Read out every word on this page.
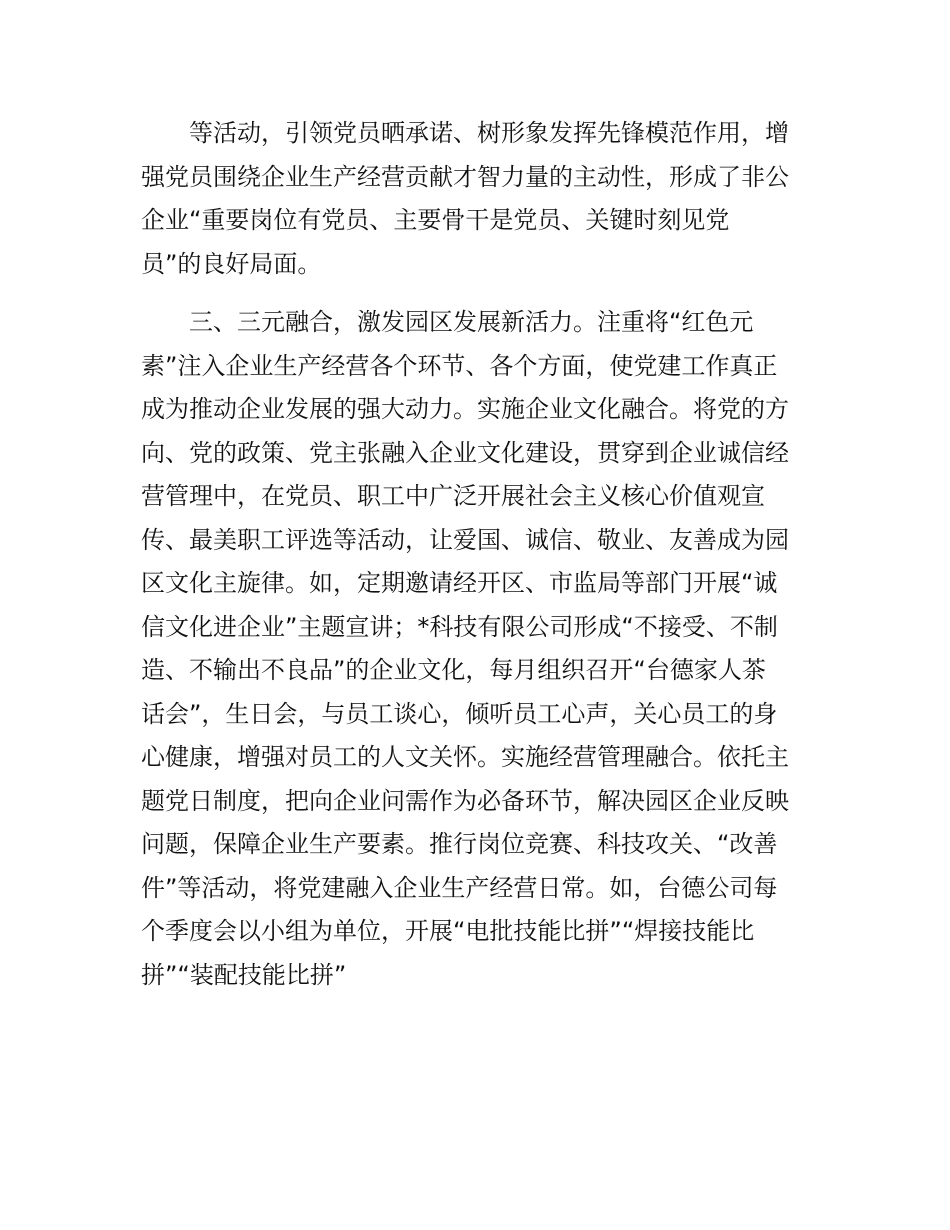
等活动，引领党员晒承诺、树形象发挥先锋模范作用，增
强党员围绕企业生产经营贡献才智力量的主动性，形成了非公
企业“重要岗位有党员、主要骨干是党员、关键时刻见党
员”的良好局面。
三、三元融合，激发园区发展新活力。注重将“红色元
素”注入企业生产经营各个环节、各个方面，使党建工作真正
成为推动企业发展的强大动力。实施企业文化融合。将党的方
向、党的政策、党主张融入企业文化建设，贯穿到企业诚信经
营管理中，在党员、职工中广泛开展社会主义核心价值观宣
传、最美职工评选等活动，让爱国、诚信、敬业、友善成为园
区文化主旋律。如，定期邀请经开区、市监局等部门开展“诚
信文化进企业”主题宣讲；*科技有限公司形成“不接受、不制
造、不输出不良品”的企业文化，每月组织召开“台德家人茶
话会”，生日会，与员工谈心，倾听员工心声，关心员工的身
心健康，增强对员工的人文关怀。实施经营管理融合。依托主
题党日制度，把向企业问需作为必备环节，解决园区企业反映
问题，保障企业生产要素。推行岗位竞赛、科技攻关、“改善
件”等活动，将党建融入企业生产经营日常。如，台德公司每
个季度会以小组为单位，开展“电批技能比拼”“焊接技能比
拼”“装配技能比拼”
